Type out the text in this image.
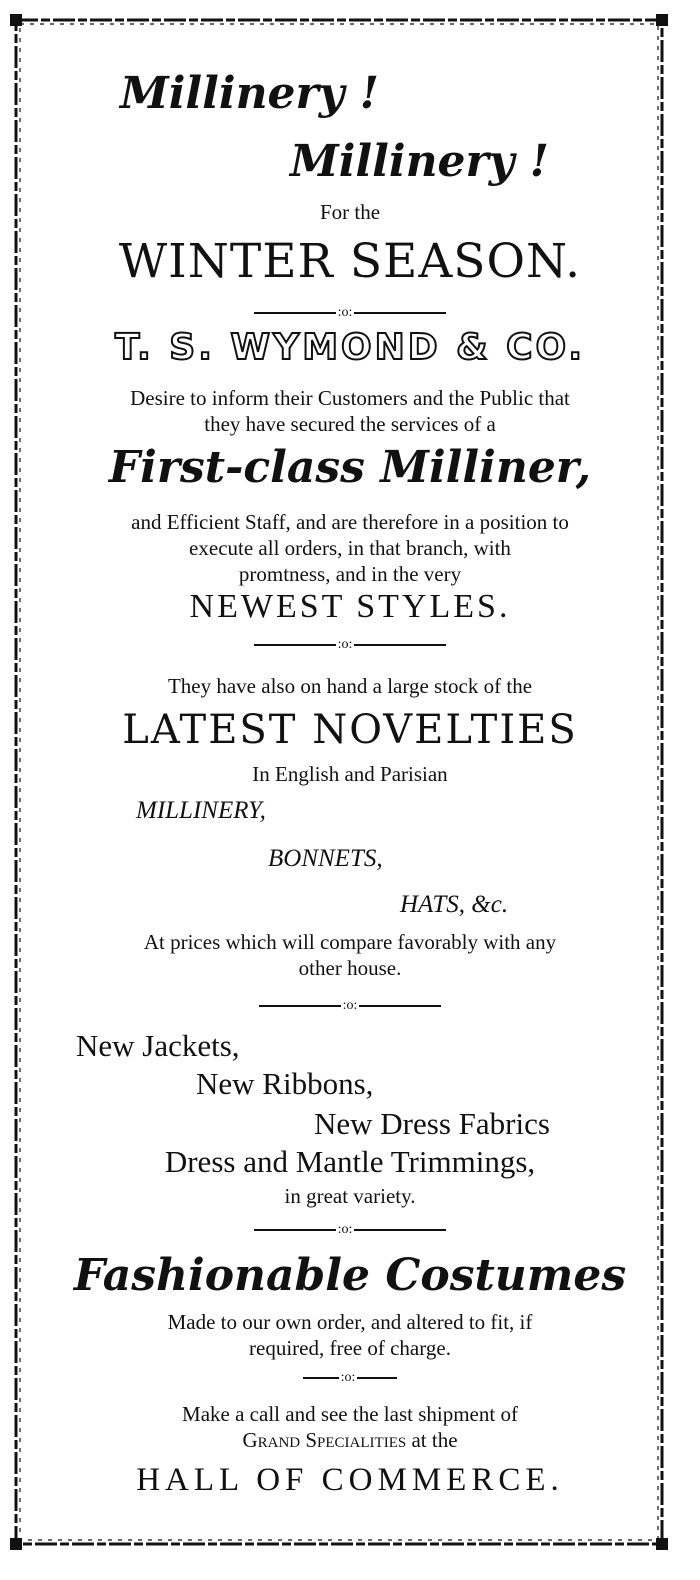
Millinery !

Millinery !

For the

WINTER SEASON.

:o:

T. S. WYMOND & CO.

Desire to inform their Customers and the Public that

they have secured the services of a

First-class Milliner,

and Efficient Staff, and are therefore in a position to

execute all orders, in that branch, with

promtness, and in the very

NEWEST STYLES.

:o:

They have also on hand a large stock of the

LATEST NOVELTIES

In English and Parisian

MILLINERY,

BONNETS,

HATS, &c.

At prices which will compare favorably with any

other house.

:o:

New Jackets,

New Ribbons,

New Dress Fabrics

Dress and Mantle Trimmings,

in great variety.

:o:

Fashionable Costumes

Made to our own order, and altered to fit, if

required, free of charge.

:o:

Make a call and see the last shipment of

Grand Specialities at the

HALL OF COMMERCE.
